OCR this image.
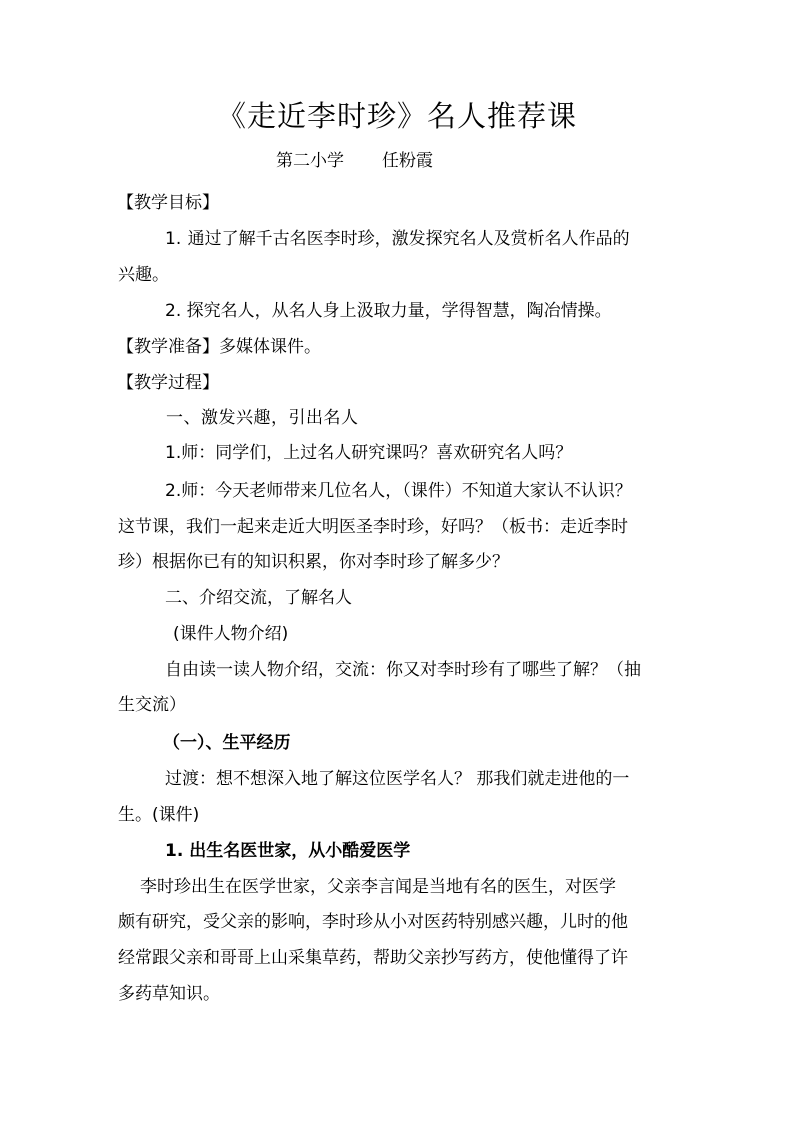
《走近李时珍》名人推荐课
第二小学 任粉霞
【教学目标】
1. 通过了解千古名医李时珍，激发探究名人及赏析名人作品的
兴趣。
2. 探究名人，从名人身上汲取力量，学得智慧，陶冶情操。
【教学准备】多媒体课件。
【教学过程】
一、激发兴趣，引出名人
1.师：同学们，上过名人研究课吗？喜欢研究名人吗？
2.师：今天老师带来几位名人，（课件）不知道大家认不认识？
这节课，我们一起来走近大明医圣李时珍，好吗？（板书：走近李时
珍）根据你已有的知识积累，你对李时珍了解多少？
二、介绍交流，了解名人
(课件人物介绍)
自由读一读人物介绍，交流：你又对李时珍有了哪些了解？（抽
生交流）
（一）、生平经历
过渡：想不想深入地了解这位医学名人？ 那我们就走进他的一
生。(课件)
1. 出生名医世家，从小酷爱医学
李时珍出生在医学世家，父亲李言闻是当地有名的医生，对医学
颇有研究，受父亲的影响，李时珍从小对医药特别感兴趣，儿时的他
经常跟父亲和哥哥上山采集草药，帮助父亲抄写药方，使他懂得了许
多药草知识。
